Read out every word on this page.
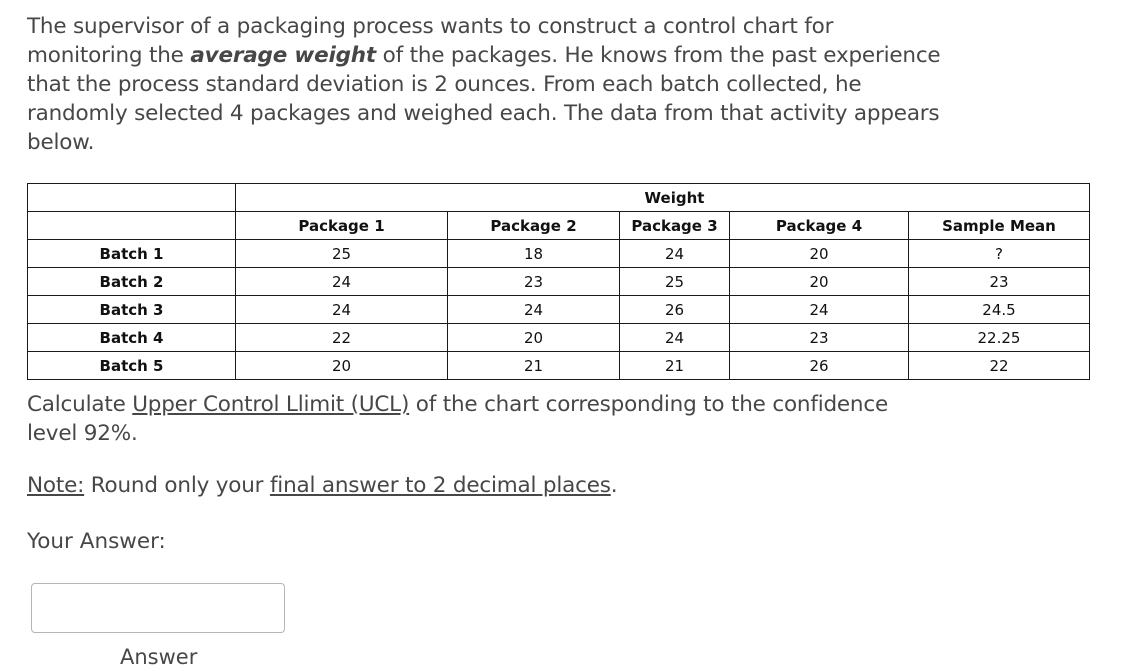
The supervisor of a packaging process wants to construct a control chart for monitoring the average weight of the packages. He knows from the past experience that the process standard deviation is 2 ounces. From each batch collected, he randomly selected 4 packages and weighed each. The data from that activity appears below.

			Weight		
	Package 1	Package 2	Package 3	Package 4	Sample Mean
Batch 1	25	18	24	20	?
Batch 2	24	23	25	20	23
Batch 3	24	24	26	24	24.5
Batch 4	22	20	24	23	22.25
Batch 5	20	21	21	26	22

Calculate Upper Control Llimit (UCL) of the chart corresponding to the confidence level 92%.

Note: Round only your final answer to 2 decimal places.

Your Answer:

Answer
